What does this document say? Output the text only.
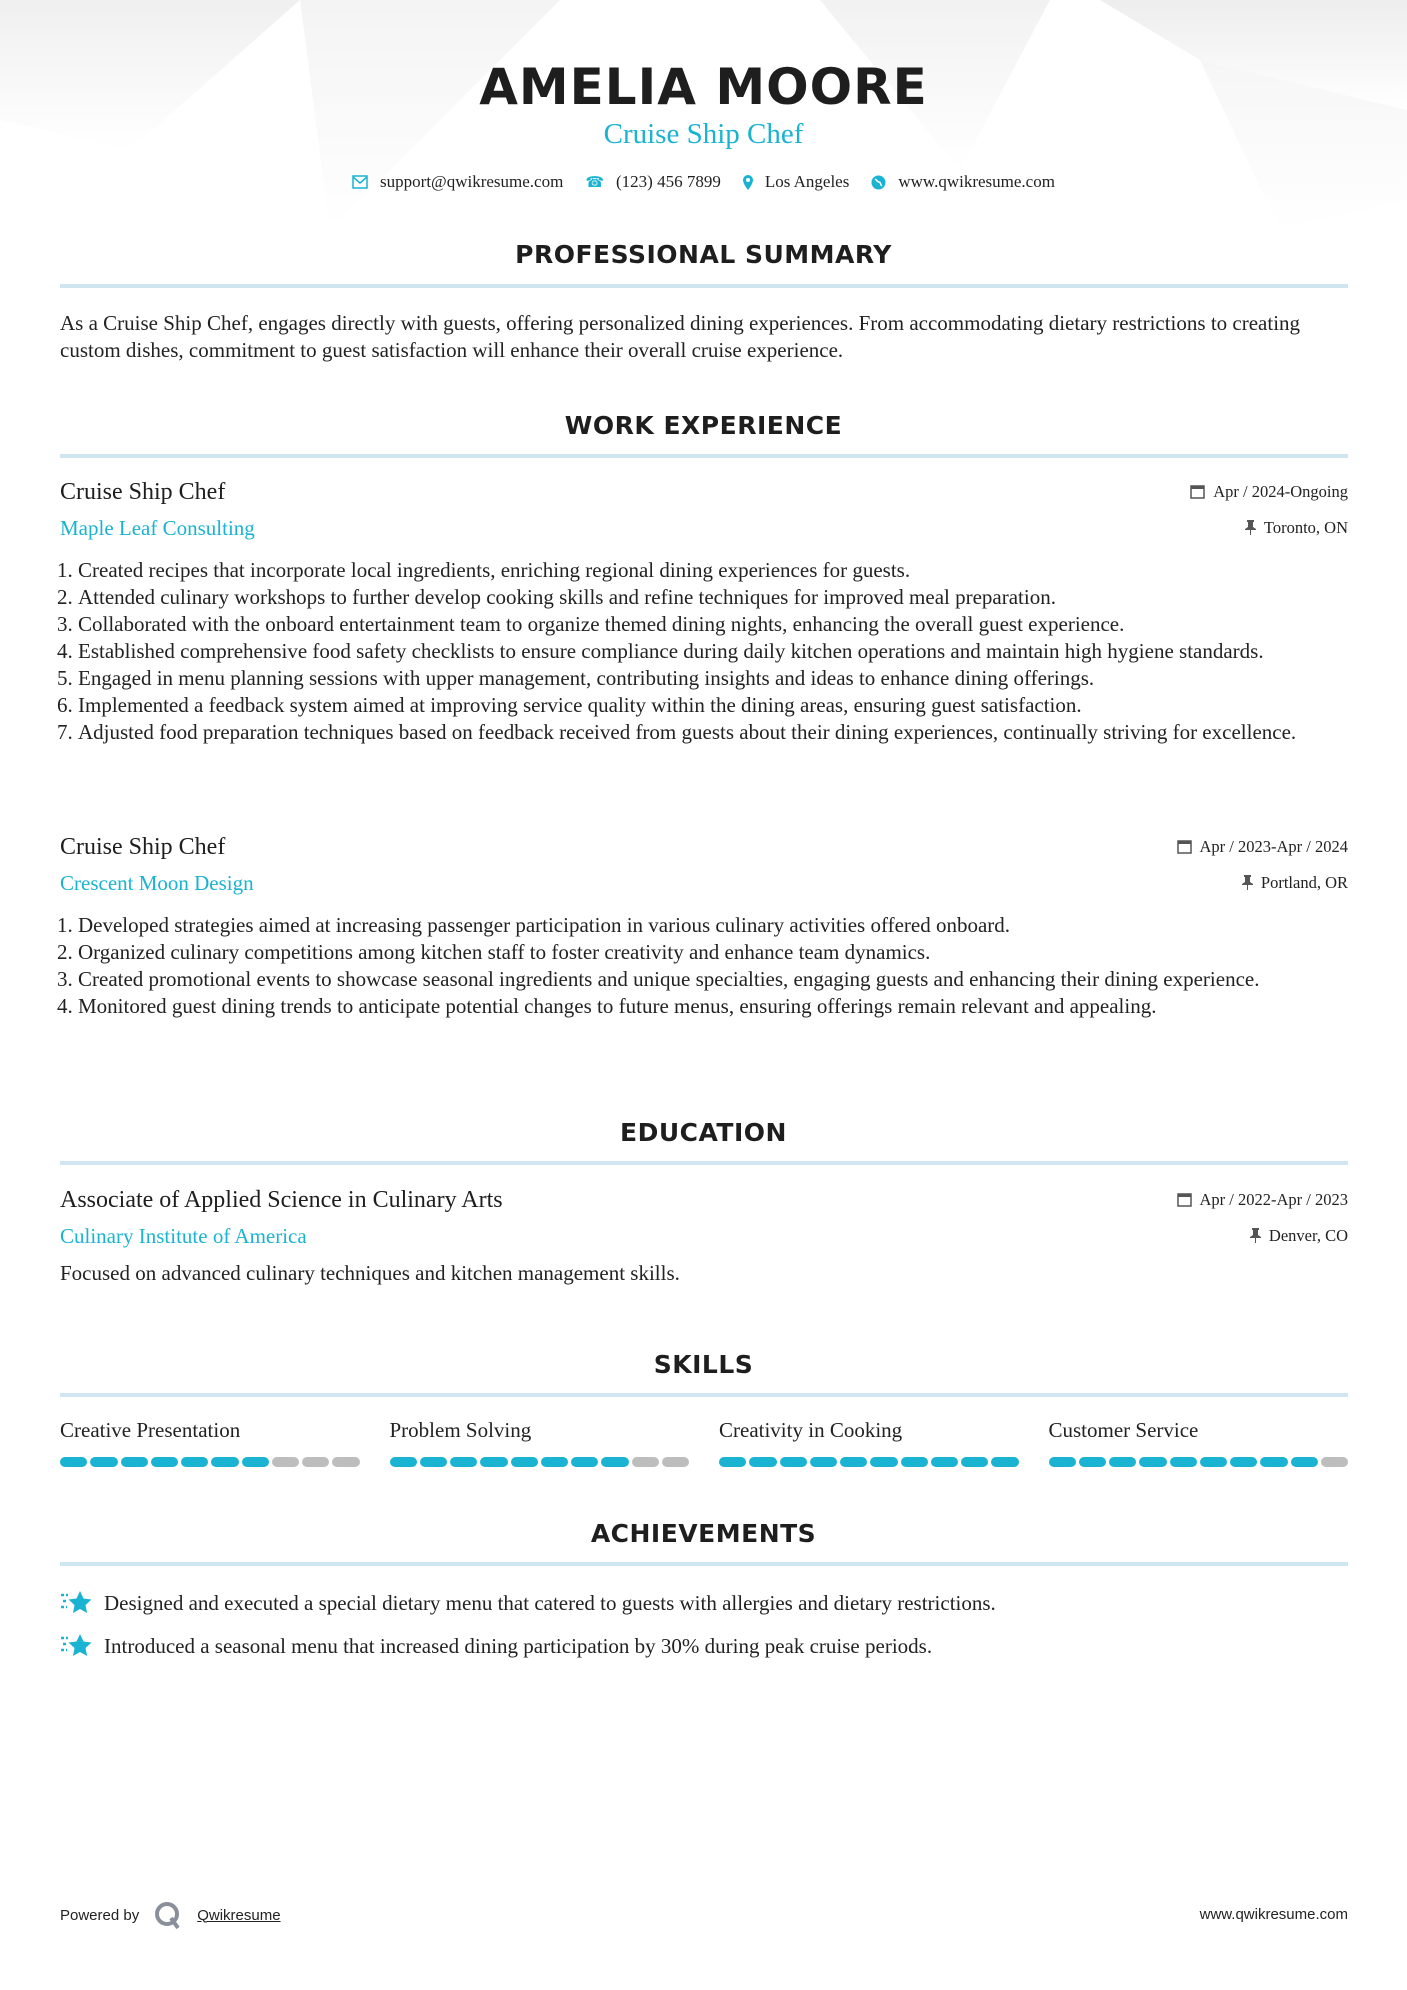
AMELIA MOORE
Cruise Ship Chef
support@qwikresume.com ☎ (123) 456 7899	Los Angeles	www.qwikresume.com
PROFESSIONAL SUMMARY
As a Cruise Ship Chef, engages directly with guests, offering personalized dining experiences. From accommodating dietary restrictions to creating custom dishes, commitment to guest satisfaction will enhance their overall cruise experience.
WORK EXPERIENCE
Cruise Ship Chef	Apr / 2024-Ongoing
Maple Leaf Consulting	Toronto, ON
1. Created recipes that incorporate local ingredients, enriching regional dining experiences for guests.
2. Attended culinary workshops to further develop cooking skills and refine techniques for improved meal preparation.
3. Collaborated with the onboard entertainment team to organize themed dining nights, enhancing the overall guest experience.
4. Established comprehensive food safety checklists to ensure compliance during daily kitchen operations and maintain high hygiene standards.
5. Engaged in menu planning sessions with upper management, contributing insights and ideas to enhance dining offerings.
6. Implemented a feedback system aimed at improving service quality within the dining areas, ensuring guest satisfaction.
7. Adjusted food preparation techniques based on feedback received from guests about their dining experiences, continually striving for excellence.
Cruise Ship Chef	Apr / 2023-Apr / 2024
Crescent Moon Design	Portland, OR
1. Developed strategies aimed at increasing passenger participation in various culinary activities offered onboard.
2. Organized culinary competitions among kitchen staff to foster creativity and enhance team dynamics.
3. Created promotional events to showcase seasonal ingredients and unique specialties, engaging guests and enhancing their dining experience.
4. Monitored guest dining trends to anticipate potential changes to future menus, ensuring offerings remain relevant and appealing.
EDUCATION
Associate of Applied Science in Culinary Arts	Apr / 2022-Apr / 2023
Culinary Institute of America	Denver, CO
Focused on advanced culinary techniques and kitchen management skills.
SKILLS
Creative Presentation	Problem Solving	Creativity in Cooking	Customer Service
ACHIEVEMENTS
Designed and executed a special dietary menu that catered to guests with allergies and dietary restrictions.
Introduced a seasonal menu that increased dining participation by 30% during peak cruise periods.
Powered by	Qwikresume	www.qwikresume.com
